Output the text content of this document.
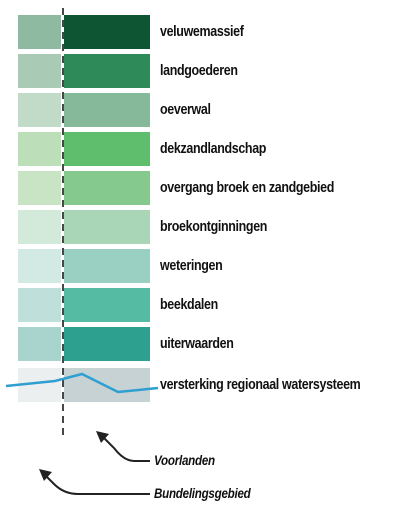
veluwemassief
landgoederen
oeverwal
dekzandlandschap
overgang broek en zandgebied
broekontginningen
weteringen
beekdalen
uiterwaarden
versterking regionaal watersysteem
Voorlanden
Bundelingsgebied
